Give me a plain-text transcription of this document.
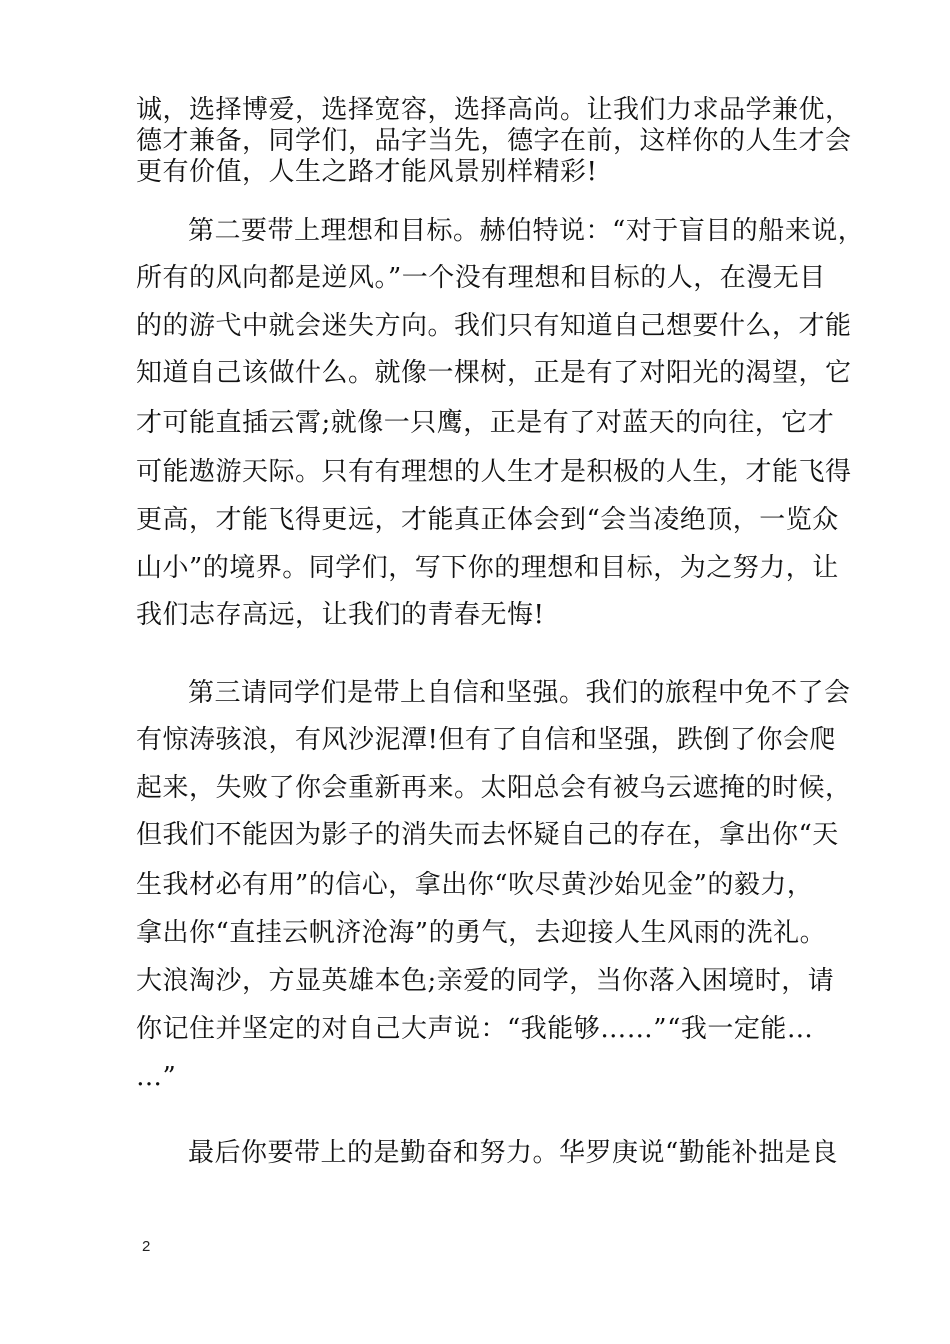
诚，选择博爱，选择宽容，选择高尚。让我们力求品学兼优，
德才兼备，同学们，品字当先，德字在前，这样你的人生才会
更有价值，人生之路才能风景别样精彩!
第二要带上理想和目标。赫伯特说：“对于盲目的船来说，
所有的风向都是逆风。”一个没有理想和目标的人，在漫无目
的的游弋中就会迷失方向。我们只有知道自己想要什么，才能
知道自己该做什么。就像一棵树，正是有了对阳光的渴望，它
才可能直插云霄;就像一只鹰，正是有了对蓝天的向往，它才
可能遨游天际。只有有理想的人生才是积极的人生，才能飞得
更高，才能飞得更远，才能真正体会到“会当凌绝顶，一览众
山小”的境界。同学们，写下你的理想和目标，为之努力，让
我们志存高远，让我们的青春无悔!
第三请同学们是带上自信和坚强。我们的旅程中免不了会
有惊涛骇浪，有风沙泥潭!但有了自信和坚强，跌倒了你会爬
起来，失败了你会重新再来。太阳总会有被乌云遮掩的时候，
但我们不能因为影子的消失而去怀疑自己的存在，拿出你“天
生我材必有用”的信心，拿出你“吹尽黄沙始见金”的毅力，
拿出你“直挂云帆济沧海”的勇气，去迎接人生风雨的洗礼。
大浪淘沙，方显英雄本色;亲爱的同学，当你落入困境时，请
你记住并坚定的对自己大声说：“我能够……”“我一定能…
…”
最后你要带上的是勤奋和努力。华罗庚说“勤能补拙是良
2
